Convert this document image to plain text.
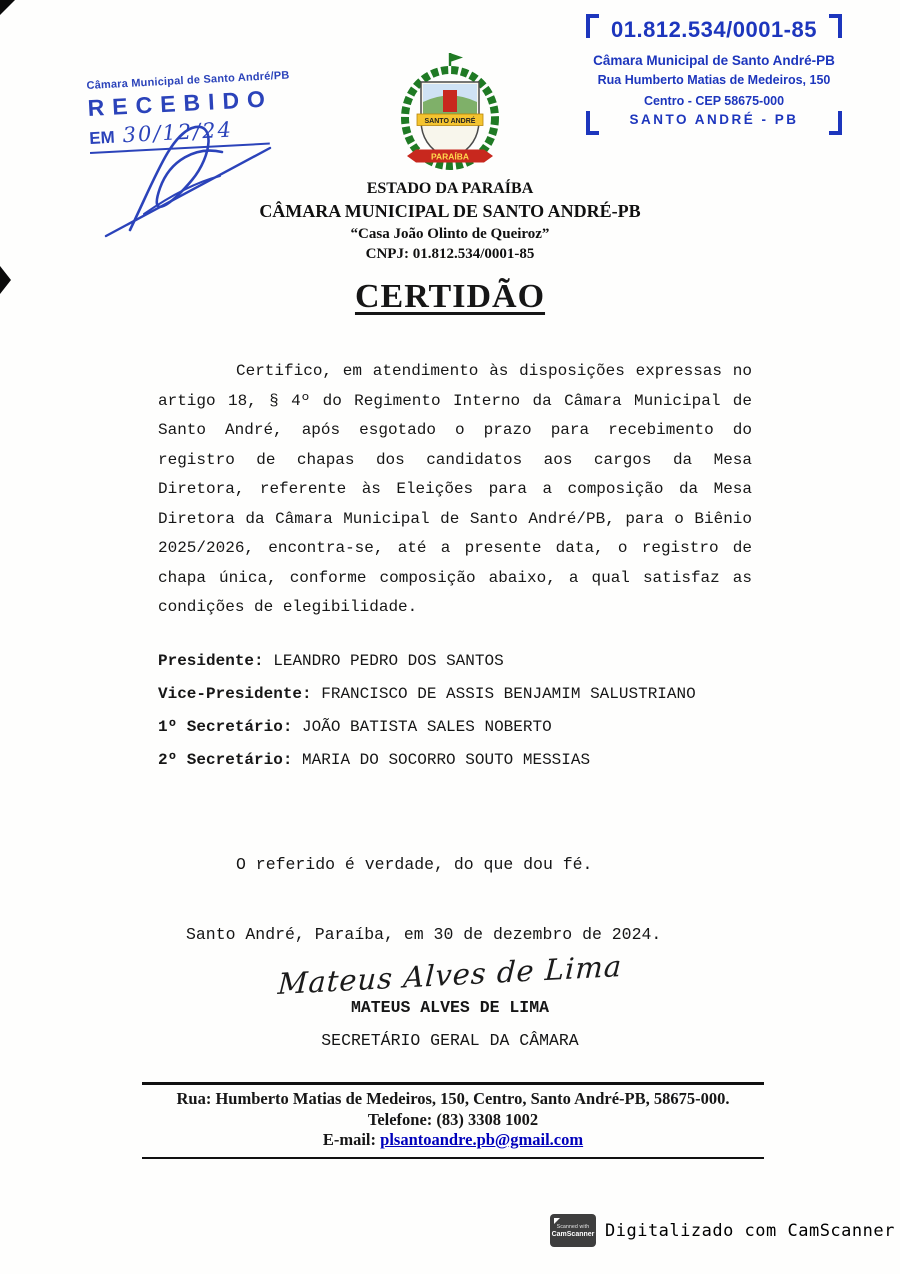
Câmara Municipal de Santo André/PB
RECEBIDO
EM 30/12/24
01.812.534/0001-85
Câmara Municipal de Santo André-PB
Rua Humberto Matias de Medeiros, 150
Centro - CEP 58675-000
SANTO ANDRÉ - PB
SANTO ANDRÉ
PARAÍBA
ESTADO DA PARAÍBA
CÂMARA MUNICIPAL DE SANTO ANDRÉ-PB
“Casa João Olinto de Queiroz”
CNPJ: 01.812.534/0001-85
CERTIDÃO

Certifico, em atendimento às disposições expressas no artigo 18, § 4º do Regimento Interno da Câmara Municipal de Santo André, após esgotado o prazo para recebimento do registro de chapas dos candidatos aos cargos da Mesa Diretora, referente às Eleições para a composição da Mesa Diretora da Câmara Municipal de Santo André/PB, para o Biênio 2025/2026, encontra-se, até a presente data, o registro de chapa única, conforme composição abaixo, a qual satisfaz as condições de elegibilidade.

Presidente: LEANDRO PEDRO DOS SANTOS

Vice-Presidente: FRANCISCO DE ASSIS BENJAMIM SALUSTRIANO

1º Secretário: JOÃO BATISTA SALES NOBERTO

2º Secretário: MARIA DO SOCORRO SOUTO MESSIAS

O referido é verdade, do que dou fé.
Santo André, Paraíba, em 30 de dezembro de 2024.
Mateus Alves de Lima
MATEUS ALVES DE LIMA
SECRETÁRIO GERAL DA CÂMARA
Rua: Humberto Matias de Medeiros, 150, Centro, Santo André-PB, 58675-000.
Telefone: (83) 3308 1002
E-mail: plsantoandre.pb@gmail.com
Scanned with
CamScanner Digitalizado com CamScanner
